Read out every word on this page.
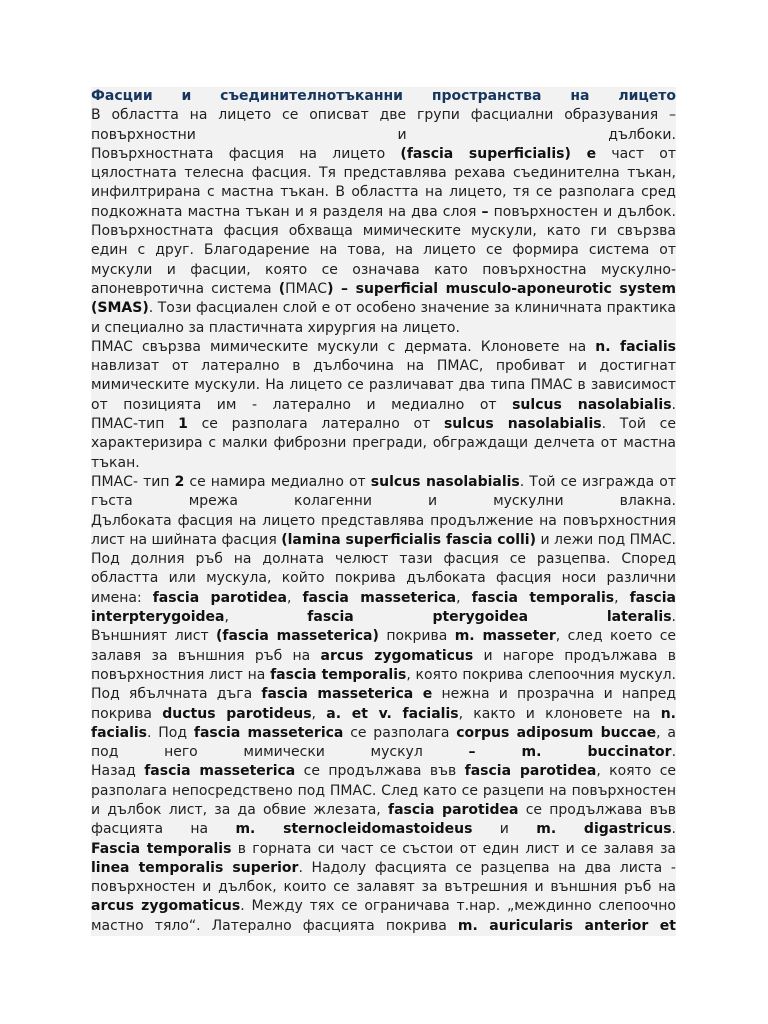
Фасции и съединителнотъканни пространства на лицето

В областта на лицето се описват две групи фасциални образувания – повърхностни и дълбоки.

Повърхностната фасция на лицето (fascia superficialis) е част от цялостната телесна фасция. Тя представлява рехава съединителна тъкан, инфилтрирана с мастна тъкан. В областта на лицето, тя се разполага сред подкожната мастна тъкан и я разделя на два слоя – повърхностен и дълбок. Повърхностната фасция обхваща мимическите мускули, като ги свързва един с друг. Благодарение на това, на лицето се формира система от мускули и фасции, която се означава като повърхностна мускулно-апоневротична система (ПМАС) – superficial musculo-aponeurotic system (SMAS). Този фасциален слой е от особено значение за клиничната практика и специално за пластичната хирургия на лицето.

ПМАС свързва мимическите мускули с дермата. Клоновете на n. facialis навлизат от латерално в дълбочина на ПМАС, пробиват и достигнат мимическите мускули. На лицето се различават два типа ПМАС в зависимост от позицията им - латерално и медиално от sulcus nasolabialis.

ПМАС-тип 1 се разполага латерално от sulcus nasolabialis. Той се характеризира с малки фиброзни прегради, обграждащи делчета от мастна тъкан.

ПМАС- тип 2 се намира медиално от sulcus nasolabialis. Той се изгражда от гъста мрежа колагенни и мускулни влакна.

Дълбоката фасция на лицето представлява продължение на повърхностния лист на шийната фасция (lamina superficialis fascia colli) и лежи под ПМАС. Под долния ръб на долната челюст тази фасция се разцепва. Според областта или мускула, който покрива дълбоката фасция носи различни имена: fascia parotidea, fascia masseterica, fascia temporalis, fascia interpterygoidea, fascia pterygoidea lateralis.

Външният лист (fascia masseterica) покрива m. masseter, след което се залавя за външния ръб на arcus zygomaticus и нагоре продължава в повърхностния лист на fascia temporalis, която покрива слепоочния мускул. Под ябълчната дъга fascia masseterica е нежна и прозрачна и напред покрива ductus parotideus, a. et v. facialis, както и клоновете на n. facialis. Под fascia masseterica се разполага corpus adiposum buccae, а под него мимически мускул – m. buccinator.

Назад fascia masseterica се продължава във fascia parotidea, която се разполага непосредствено под ПМАС. След като се разцепи на повърхностен и дълбок лист, за да обвие жлезата, fascia parotidea се продължава във фасцията на m. sternocleidomastoideus и m. digastricus.

Fascia temporalis в горната си част се състои от един лист и се залавя за linea temporalis superior. Надолу фасцията се разцепва на два листа - повърхностен и дълбок, които се залавят за вътрешния и външния ръб на arcus zygomaticus. Между тях се ограничава т.нар. „междинно слепоочно мастно тяло“. Латерално фасцията покрива m. auricularis anterior et
